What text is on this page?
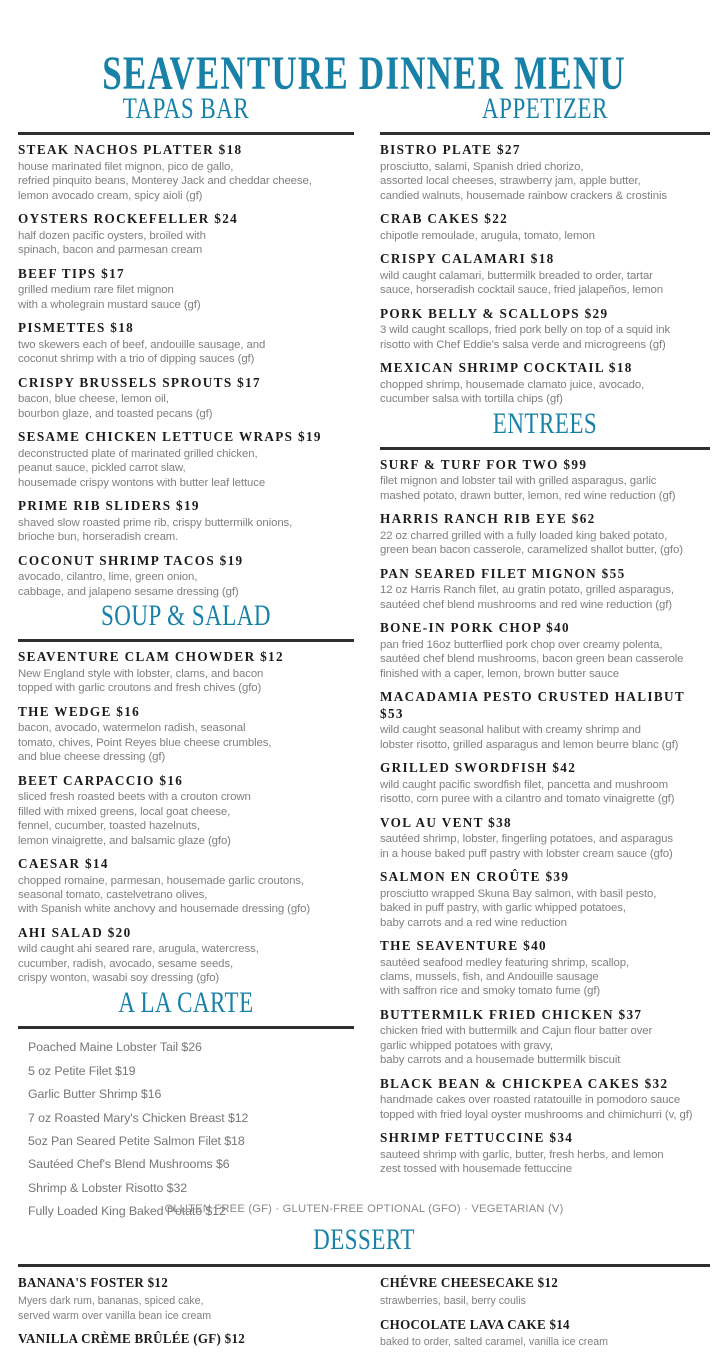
SEAVENTURE DINNER MENU
TAPAS BAR
STEAK NACHOS PLATTER $18
house marinated filet mignon, pico de gallo,
refried pinquito beans, Monterey Jack and cheddar cheese,
lemon avocado cream, spicy aioli (gf)
OYSTERS ROCKEFELLER $24
half dozen pacific oysters, broiled with
spinach, bacon and parmesan cream
BEEF TIPS $17
grilled medium rare filet mignon
with a wholegrain mustard sauce (gf)
PISMETTES $18
two skewers each of beef, andouille sausage, and
coconut shrimp with a trio of dipping sauces (gf)
CRISPY BRUSSELS SPROUTS $17
bacon, blue cheese, lemon oil,
bourbon glaze, and toasted pecans (gf)
SESAME CHICKEN LETTUCE WRAPS $19
deconstructed plate of marinated grilled chicken,
peanut sauce, pickled carrot slaw,
housemade crispy wontons with butter leaf lettuce
PRIME RIB SLIDERS $19
shaved slow roasted prime rib, crispy buttermilk onions,
brioche bun, horseradish cream.
COCONUT SHRIMP TACOS $19
avocado, cilantro, lime, green onion,
cabbage, and jalapeno sesame dressing (gf)
SOUP & SALAD
SEAVENTURE CLAM CHOWDER $12
New England style with lobster, clams, and bacon
topped with garlic croutons and fresh chives (gfo)
THE WEDGE $16
bacon, avocado, watermelon radish, seasonal
tomato, chives, Point Reyes blue cheese crumbles,
and blue cheese dressing (gf)
BEET CARPACCIO $16
sliced fresh roasted beets with a crouton crown
filled with mixed greens, local goat cheese,
fennel, cucumber, toasted hazelnuts,
lemon vinaigrette, and balsamic glaze (gfo)
CAESAR $14
chopped romaine, parmesan, housemade garlic croutons,
seasonal tomato, castelvetrano olives,
with Spanish white anchovy and housemade dressing (gfo)
AHI SALAD $20
wild caught ahi seared rare, arugula, watercress,
cucumber, radish, avocado, sesame seeds,
crispy wonton, wasabi soy dressing (gfo)
A LA CARTE
Poached Maine Lobster Tail $26
5 oz Petite Filet $19
Garlic Butter Shrimp $16
7 oz Roasted Mary's Chicken Breast $12
5oz Pan Seared Petite Salmon Filet $18
Sautéed Chef's Blend Mushrooms $6
Shrimp & Lobster Risotto $32
Fully Loaded King Baked Potato $12
APPETIZER
BISTRO PLATE $27
prosciutto, salami, Spanish dried chorizo,
assorted local cheeses, strawberry jam, apple butter,
candied walnuts, housemade rainbow crackers & crostinis
CRAB CAKES $22
chipotle remoulade, arugula, tomato, lemon
CRISPY CALAMARI $18
wild caught calamari, buttermilk breaded to order, tartar
sauce, horseradish cocktail sauce, fried jalapeños, lemon
PORK BELLY & SCALLOPS $29
3 wild caught scallops, fried pork belly on top of a squid ink
risotto with Chef Eddie's salsa verde and microgreens (gf)
MEXICAN SHRIMP COCKTAIL $18
chopped shrimp, housemade clamato juice, avocado,
cucumber salsa with tortilla chips (gf)
ENTREES
SURF & TURF FOR TWO $99
filet mignon and lobster tail with grilled asparagus, garlic
mashed potato, drawn butter, lemon, red wine reduction (gf)
HARRIS RANCH RIB EYE $62
22 oz charred grilled with a fully loaded king baked potato,
green bean bacon casserole, caramelized shallot butter, (gfo)
PAN SEARED FILET MIGNON $55
12 oz Harris Ranch filet, au gratin potato, grilled asparagus,
sautéed chef blend mushrooms and red wine reduction (gf)
BONE-IN PORK CHOP $40
pan fried 16oz butterflied pork chop over creamy polenta,
sautéed chef blend mushrooms, bacon green bean casserole
finished with a caper, lemon, brown butter sauce
MACADAMIA PESTO CRUSTED HALIBUT $53
wild caught seasonal halibut with creamy shrimp and
lobster risotto, grilled asparagus and lemon beurre blanc (gf)
GRILLED SWORDFISH $42
wild caught pacific swordfish filet, pancetta and mushroom
risotto, corn puree with a cilantro and tomato vinaigrette (gf)
VOL AU VENT $38
sautéed shrimp, lobster, fingerling potatoes, and asparagus
in a house baked puff pastry with lobster cream sauce (gfo)
SALMON EN CROÛTE $39
prosciutto wrapped Skuna Bay salmon, with basil pesto,
baked in puff pastry, with garlic whipped potatoes,
baby carrots and a red wine reduction
THE SEAVENTURE $40
sautéed seafood medley featuring shrimp, scallop,
clams, mussels, fish, and Andouille sausage
with saffron rice and smoky tomato fume (gf)
BUTTERMILK FRIED CHICKEN $37
chicken fried with buttermilk and Cajun flour batter over
garlic whipped potatoes with gravy,
baby carrots and a housemade buttermilk biscuit
BLACK BEAN & CHICKPEA CAKES $32
handmade cakes over roasted ratatouille in pomodoro sauce
topped with fried loyal oyster mushrooms and chimichurri (v, gf)
SHRIMP FETTUCCINE $34
sauteed shrimp with garlic, butter, fresh herbs, and lemon
zest tossed with housemade fettuccine
DESSERT
BANANA'S FOSTER $12
Myers dark rum, bananas, spiced cake,
served warm over vanilla bean ice cream
VANILLA CRÈME BRÛLÉE (GF) $12
CHÉVRE CHEESECAKE $12
strawberries, basil, berry coulis
CHOCOLATE LAVA CAKE $14
baked to order, salted caramel, vanilla ice cream
GLUTEN FREE (GF) · GLUTEN-FREE OPTIONAL (GFO) · VEGETARIAN (V)
